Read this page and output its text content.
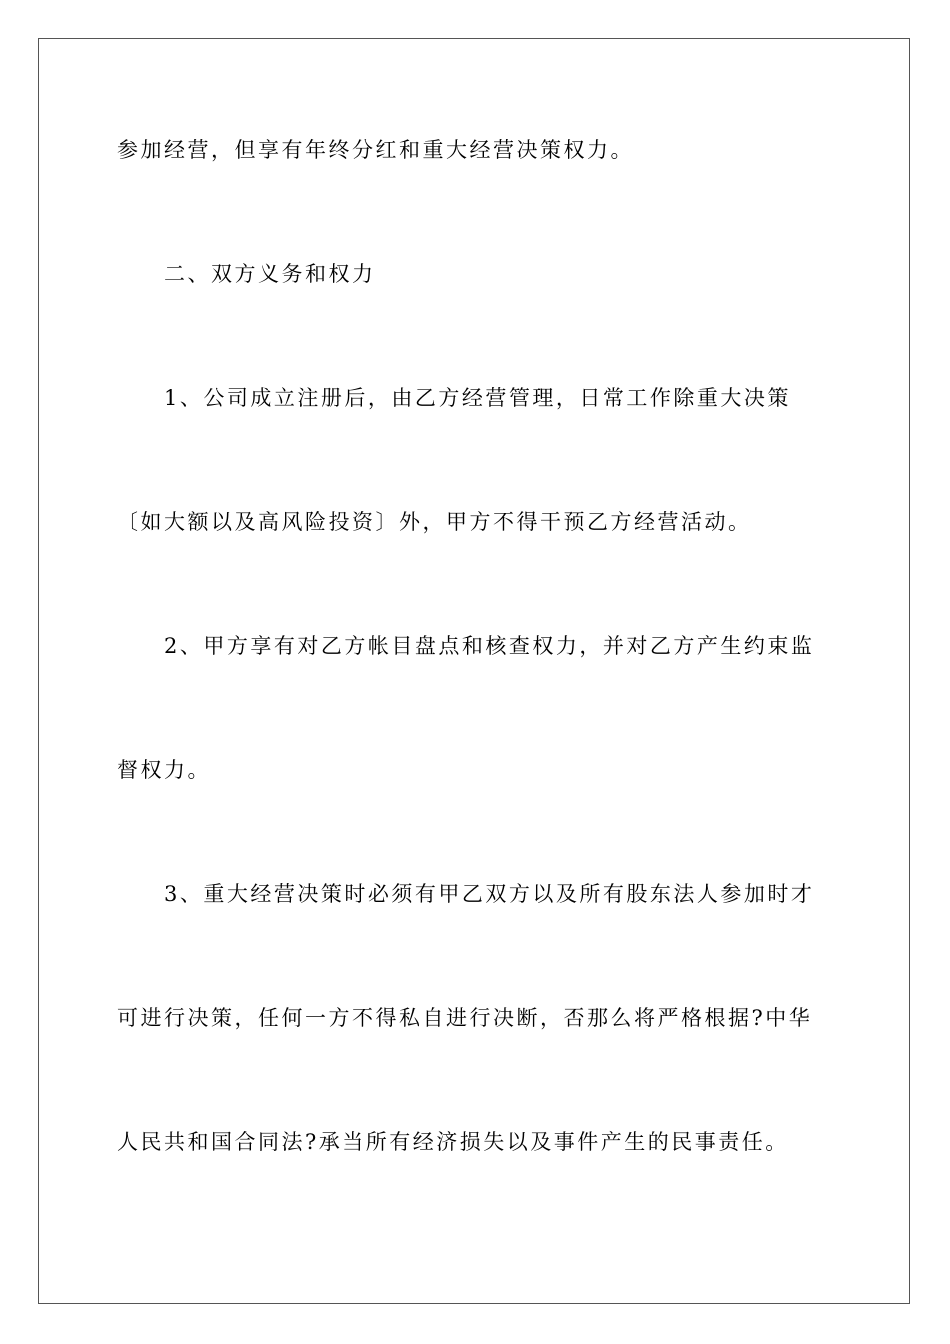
参加经营，但享有年终分红和重大经营决策权力。
二、双方义务和权力
1、公司成立注册后，由乙方经营管理，日常工作除重大决策
〔如大额以及高风险投资〕外，甲方不得干预乙方经营活动。
2、甲方享有对乙方帐目盘点和核查权力，并对乙方产生约束监
督权力。
3、重大经营决策时必须有甲乙双方以及所有股东法人参加时才
可进行决策，任何一方不得私自进行决断，否那么将严格根据?中华
人民共和国合同法?承当所有经济损失以及事件产生的民事责任。
